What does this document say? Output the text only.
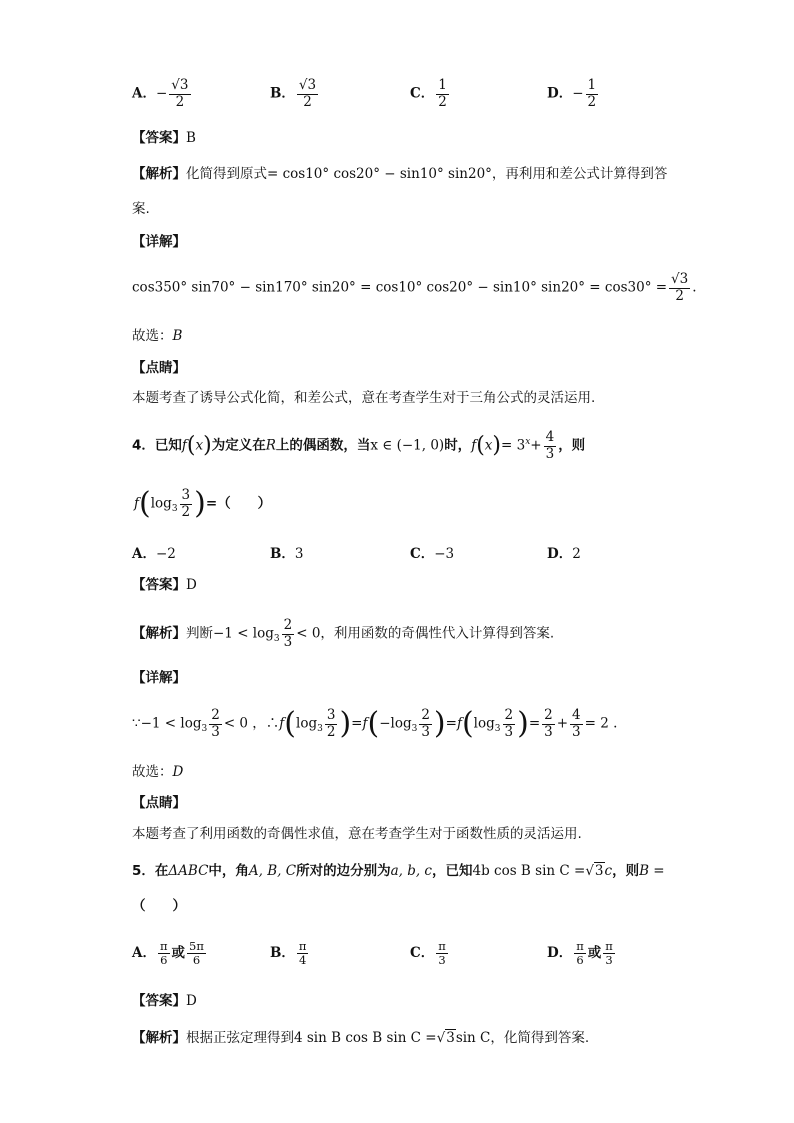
A．− $\frac{√3}{2}$	B． $\frac{√3}{2}$	C． $\frac{1}{2}$	D．− $\frac{1}{2}$
【答案】B
【解析】化简得到原式= cos10° cos20° − sin10° sin20°，再利用和差公式计算得到答
案.
【详解】
cos350° sin70° − sin170° sin20° = cos10° cos20° − sin10° $\sin 20^\circ = \cos 30^\circ = \frac{√3}{2}$ .
故选：B
【点睛】
本题考查了诱导公式化简，和差公式，意在考查学生对于三角公式的灵活运用.
4．已知f(x)为定义在R上的偶函数，当x ∈ (−1, 0)时，$f(x)= 3^x+ \frac{4}{3}$ ，则
$f(\log_3 \frac{3}{2}$ )=（　　）
A．−2	B．3	C．−3	D．2
【答案】D
【解析】判断$-1 < \log_3 \frac{2}{3} < 0$，利用函数的奇偶性代入计算得到答案.
【详解】
∵−1 < $\log_3 \frac{2}{3} < 0$ ，$\therefore f(\log_3 \frac{3}{2} )=f(-\log_3 \frac{2}{3} )=f(\log_3 \frac{2}{3}$ )= $\frac{2}{3} + \frac{4}{3} = 2$ .
故选：D
【点睛】
本题考查了利用函数的奇偶性求值，意在考查学生对于函数性质的灵活运用.
5．在ΔABC中，角A, B, C所对的边分别为a, b, c，已知4b cos B sin C =√3c，则B =
（　　）
A． $\frac{\pi}{6}$ 或 $\frac{5\pi}{6}$	B． $\frac{\pi}{4}$	C． $\frac{\pi}{3}$	D． $\frac{\pi}{6}$ 或 $\frac{\pi}{3}$
【答案】D
【解析】根据正弦定理得到4 sin B cos B sin C =√3sin C，化简得到答案.
